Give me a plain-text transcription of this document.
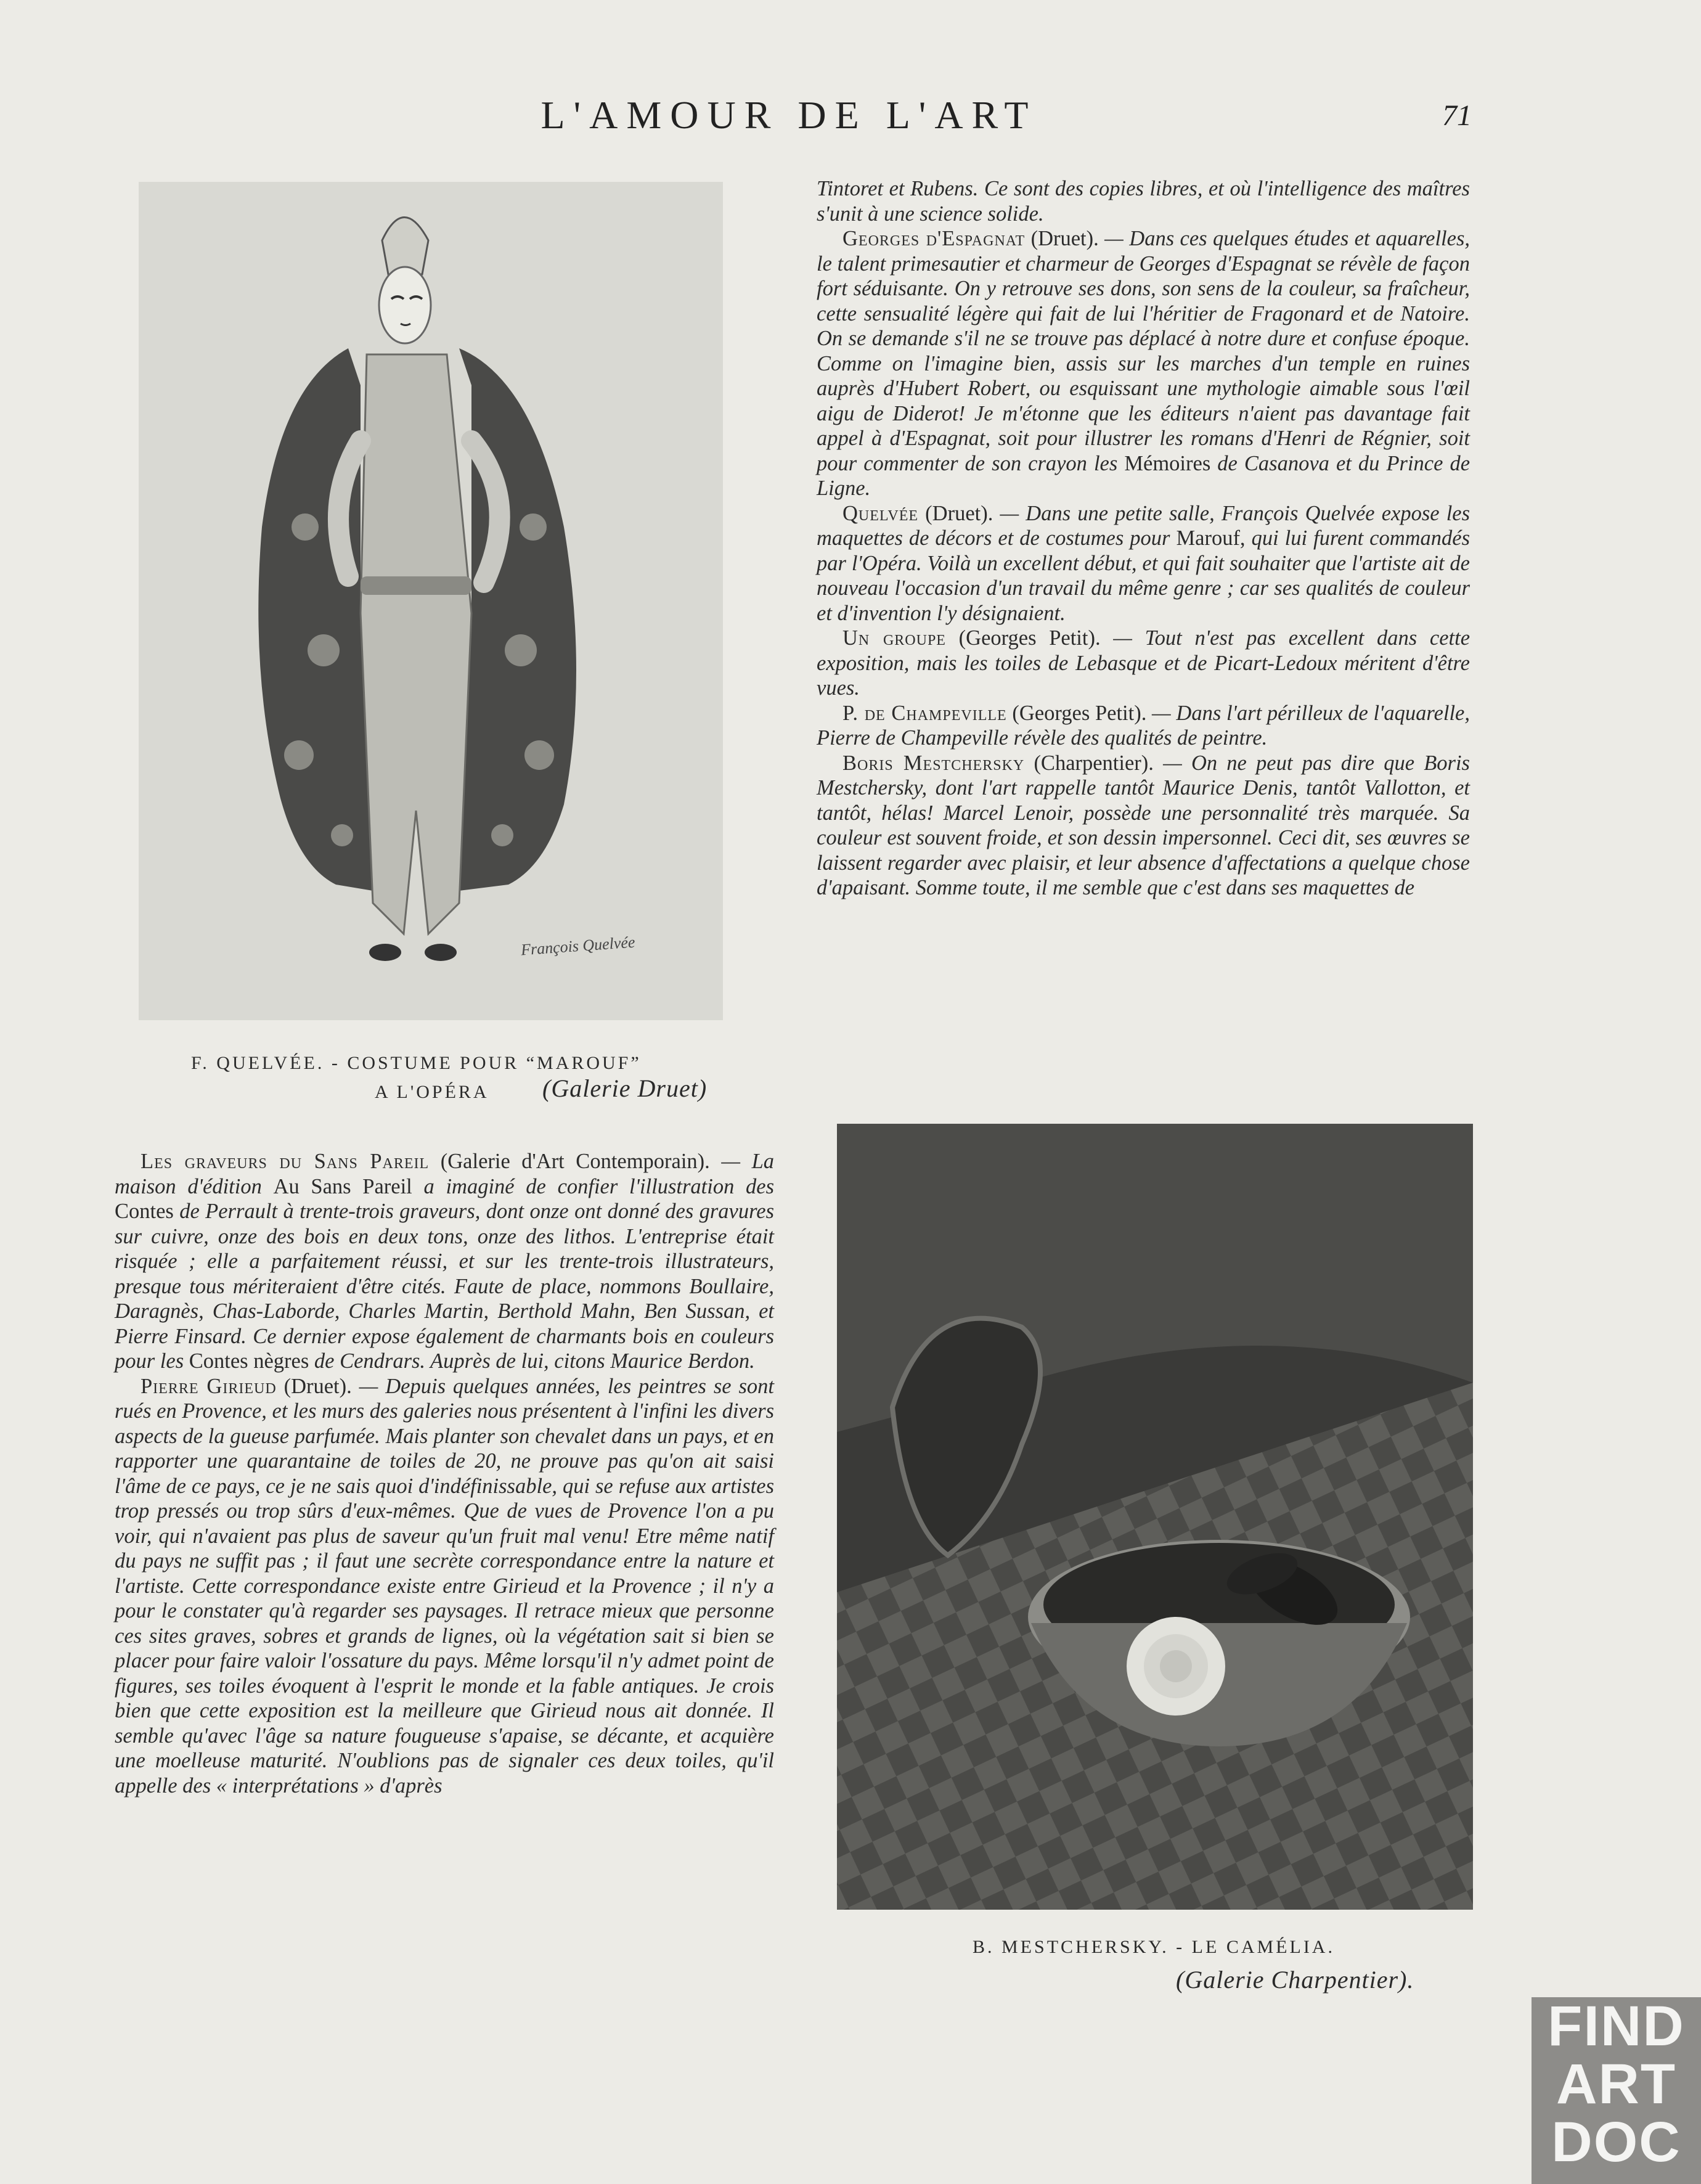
L'AMOUR DE L'ART	71
François Quelvée
F. QUELVÉE. - COSTUME POUR “MAROUF”
A L'OPÉRA (Galerie Druet)

Tintoret et Rubens. Ce sont des copies libres, et où l'intelligence des maîtres s'unit à une science solide.

Georges d'Espagnat (Druet). — Dans ces quelques études et aquarelles, le talent primesautier et charmeur de Georges d'Espagnat se révèle de façon fort séduisante. On y retrouve ses dons, son sens de la couleur, sa fraîcheur, cette sensualité légère qui fait de lui l'héritier de Fragonard et de Natoire. On se demande s'il ne se trouve pas déplacé à notre dure et confuse époque. Comme on l'imagine bien, assis sur les marches d'un temple en ruines auprès d'Hubert Robert, ou esquissant une mythologie aimable sous l'œil aigu de Diderot! Je m'étonne que les éditeurs n'aient pas davantage fait appel à d'Espagnat, soit pour illustrer les romans d'Henri de Régnier, soit pour commenter de son crayon les Mémoires de Casanova et du Prince de Ligne.

Quelvée (Druet). — Dans une petite salle, François Quelvée expose les maquettes de décors et de costumes pour Marouf, qui lui furent commandés par l'Opéra. Voilà un excellent début, et qui fait souhaiter que l'artiste ait de nouveau l'occasion d'un travail du même genre ; car ses qualités de couleur et d'invention l'y désignaient.

Un groupe (Georges Petit). — Tout n'est pas excellent dans cette exposition, mais les toiles de Lebasque et de Picart-Ledoux méritent d'être vues.

P. de Champeville (Georges Petit). — Dans l'art périlleux de l'aquarelle, Pierre de Champeville révèle des qualités de peintre.

Boris Mestchersky (Charpentier). — On ne peut pas dire que Boris Mestchersky, dont l'art rappelle tantôt Maurice Denis, tantôt Vallotton, et tantôt, hélas! Marcel Lenoir, possède une personnalité très marquée. Sa couleur est souvent froide, et son dessin impersonnel. Ceci dit, ses œuvres se laissent regarder avec plaisir, et leur absence d'affectations a quelque chose d'apaisant. Somme toute, il me semble que c'est dans ses maquettes de

Les graveurs du Sans Pareil (Galerie d'Art Contemporain). — La maison d'édition Au Sans Pareil a imaginé de confier l'illustration des Contes de Perrault à trente-trois graveurs, dont onze ont donné des gravures sur cuivre, onze des bois en deux tons, onze des lithos. L'entreprise était risquée ; elle a parfaitement réussi, et sur les trente-trois illustrateurs, presque tous mériteraient d'être cités. Faute de place, nommons Boullaire, Daragnès, Chas-Laborde, Charles Martin, Berthold Mahn, Ben Sussan, et Pierre Finsard. Ce dernier expose également de charmants bois en couleurs pour les Contes nègres de Cendrars. Auprès de lui, citons Maurice Berdon.

Pierre Girieud (Druet). — Depuis quelques années, les peintres se sont rués en Provence, et les murs des galeries nous présentent à l'infini les divers aspects de la gueuse parfumée. Mais planter son chevalet dans un pays, et en rapporter une quarantaine de toiles de 20, ne prouve pas qu'on ait saisi l'âme de ce pays, ce je ne sais quoi d'indéfinissable, qui se refuse aux artistes trop pressés ou trop sûrs d'eux-mêmes. Que de vues de Provence l'on a pu voir, qui n'avaient pas plus de saveur qu'un fruit mal venu! Etre même natif du pays ne suffit pas ; il faut une secrète correspondance entre la nature et l'artiste. Cette correspondance existe entre Girieud et la Provence ; il n'y a pour le constater qu'à regarder ses paysages. Il retrace mieux que personne ces sites graves, sobres et grands de lignes, où la végétation sait si bien se placer pour faire valoir l'ossature du pays. Même lorsqu'il n'y admet point de figures, ses toiles évoquent à l'esprit le monde et la fable antiques. Je crois bien que cette exposition est la meilleure que Girieud nous ait donnée. Il semble qu'avec l'âge sa nature fougueuse s'apaise, se décante, et acquière une moelleuse maturité. N'oublions pas de signaler ces deux toiles, qu'il appelle des « interprétations » d'après

B. MESTCHERSKY. - LE CAMÉLIA.
(Galerie Charpentier).
FIND
ART
DOC
